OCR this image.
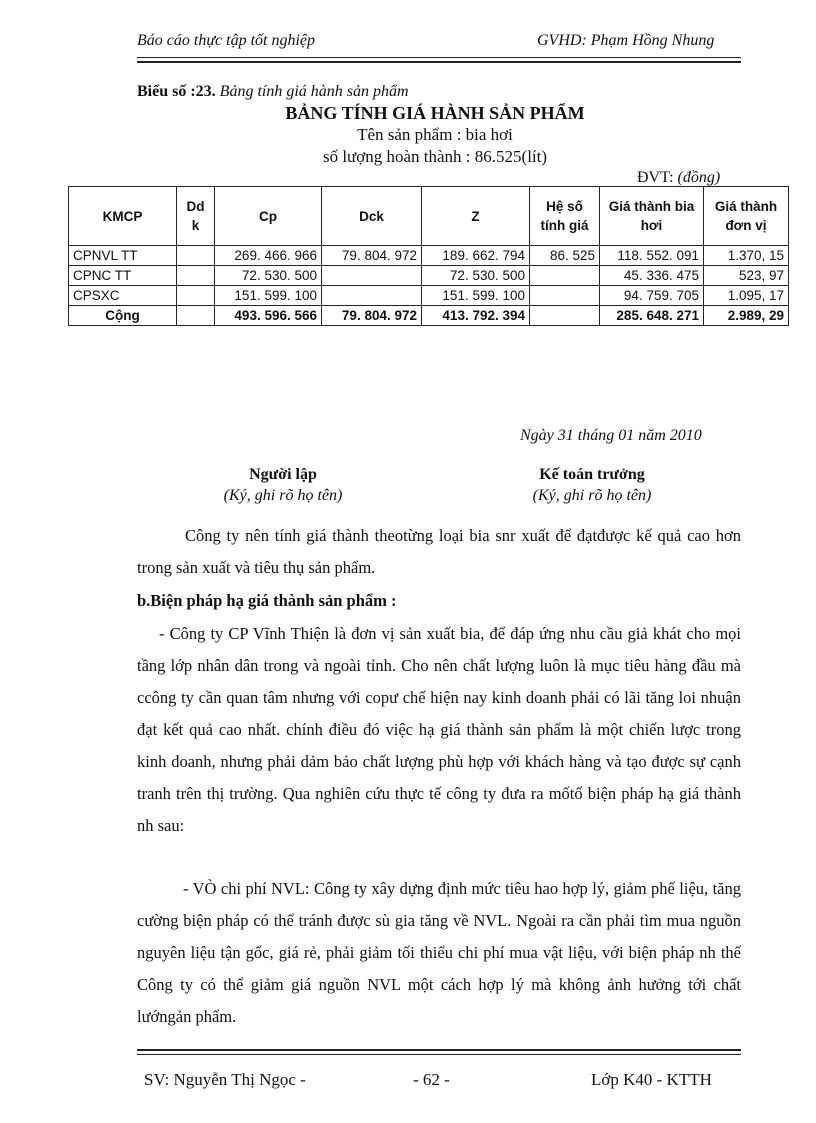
Báo cáo thực tập tốt nghiệp	GVHD: Phạm Hồng Nhung
Biểu số :23. Bảng tính giá hành sản phẩm
BẢNG TÍNH GIÁ HÀNH SẢN PHẨM
Tên sản phẩm : bia hơi
số lượng hoàn thành : 86.525(lít)
ĐVT: (đồng)
KMCP	Dd k	Cp	Dck	Z	Hệ số tính giá	Giá thành bia hơi	Giá thành đơn vị
CPNVL TT		269. 466. 966	79. 804. 972	189. 662. 794	86. 525	118. 552. 091	1.370, 15
CPNC TT		72. 530. 500		72. 530. 500		45. 336. 475	523, 97
CPSXC		151. 599. 100		151. 599. 100		94. 759. 705	1.095, 17
Cộng		493. 596. 566	79. 804. 972	413. 792. 394		285. 648. 271	2.989, 29
Ngày 31 tháng 01 năm 2010
Người lập
(Ký, ghi rõ họ tên)
Kế toán trưởng
(Ký, ghi rõ họ tên)
Công ty nên tính giá thành theotừng loại bia snr xuất để đạtđược kế quả cao hơn trong sản xuất và tiêu thụ sản phẩm.
b.Biện pháp hạ giá thành sản phẩm :
- Công ty CP Vĩnh Thiện là đơn vị sản xuất bia, để đáp ứng nhu cầu giả khát cho mọi tầng lớp nhân dân trong và ngoài tỉnh. Cho nên chất lượng luôn là mục tiêu hàng đầu mà ccông ty cần quan tâm nhưng với copư chế hiện nay kinh doanh phải có lãi tăng loi nhuận đạt kết quả cao nhất. chính điều đó việc hạ giá thành sản phẩm là một chiến lược trong kinh doanh, nhưng phải dảm bảo chất lượng phù hợp với khách hàng và tạo được sự cạnh tranh trên thị trường. Qua nghiên cứu thực tế công ty đưa ra mốtố biện pháp hạ giá thành nh sau:
- VÒ chi phí NVL: Công ty xây dựng định mức tiêu hao hợp lý, giảm phế liệu, tăng cường biện pháp có thể tránh được sù gia tăng về NVL. Ngoài ra cần phải tìm mua nguồn nguyên liệu tận gốc, giá rẻ, phải giảm tối thiểu chi phí mua vật liệu, với biện pháp nh thế Công ty có thể giảm giá nguồn NVL một cách hợp lý mà không ảnh hưởng tới chất lướngản phẩm.
SV: Nguyễn Thị Ngọc -	- 62 -	Lớp K40 - KTTH
